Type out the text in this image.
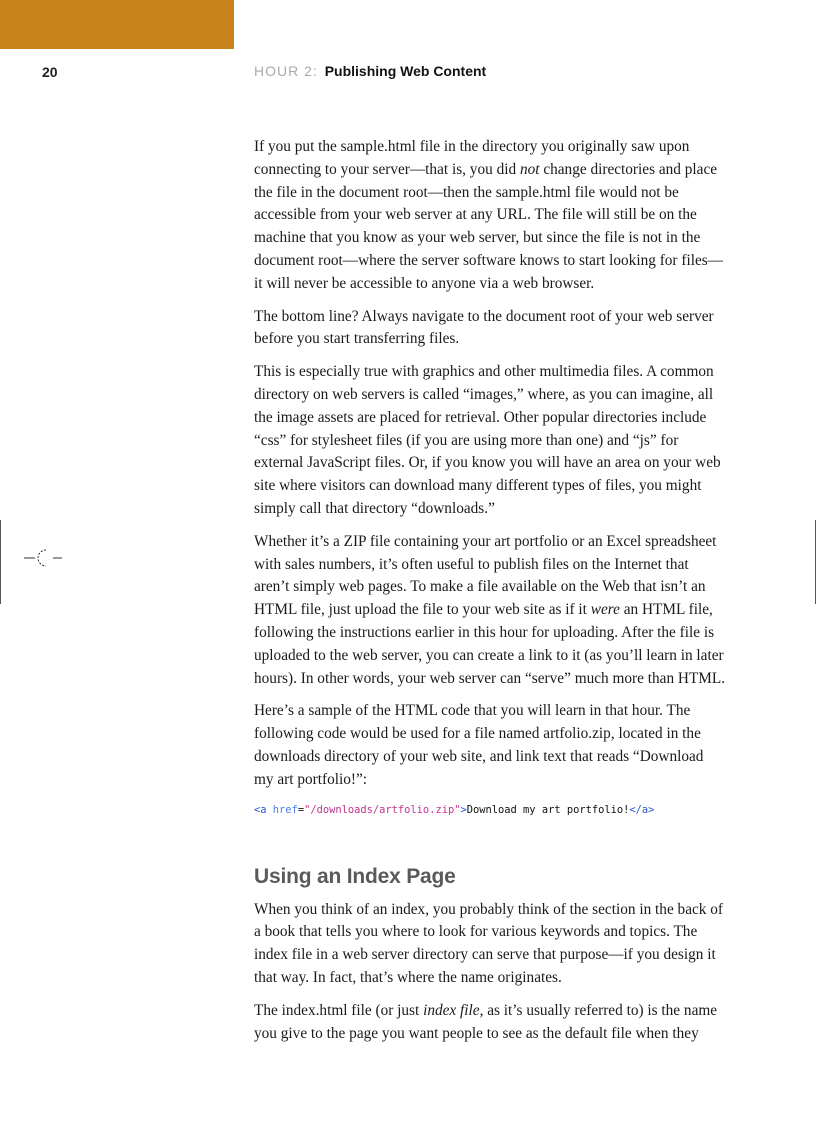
20	HOUR 2: Publishing Web Content

If you put the sample.html file in the directory you originally saw upon connecting to your server—that is, you did not change directories and place the file in the document root—then the sample.html file would not be accessible from your web server at any URL. The file will still be on the machine that you know as your web server, but since the file is not in the document root—where the server software knows to start looking for files—it will never be accessible to anyone via a web browser.

The bottom line? Always navigate to the document root of your web server before you start transferring files.

This is especially true with graphics and other multimedia files. A common directory on web servers is called “images,” where, as you can imagine, all the image assets are placed for retrieval. Other popular directories include “css” for stylesheet files (if you are using more than one) and “js” for external JavaScript files. Or, if you know you will have an area on your web site where visitors can download many different types of files, you might simply call that directory “downloads.”

Whether it’s a ZIP file containing your art portfolio or an Excel spreadsheet with sales numbers, it’s often useful to publish files on the Internet that aren’t simply web pages. To make a file available on the Web that isn’t an HTML file, just upload the file to your web site as if it were an HTML file, following the instructions earlier in this hour for uploading. After the file is uploaded to the web server, you can create a link to it (as you’ll learn in later hours). In other words, your web server can “serve” much more than HTML.

Here’s a sample of the HTML code that you will learn in that hour. The following code would be used for a file named artfolio.zip, located in the downloads directory of your web site, and link text that reads “Download my art portfolio!”:

<a href="/downloads/artfolio.zip">Download my art portfolio!</a>
Using an Index Page

When you think of an index, you probably think of the section in the back of a book that tells you where to look for various keywords and topics. The index file in a web server directory can serve that purpose—if you design it that way. In fact, that’s where the name originates.

The index.html file (or just index file, as it’s usually referred to) is the name you give to the page you want people to see as the default file when they
